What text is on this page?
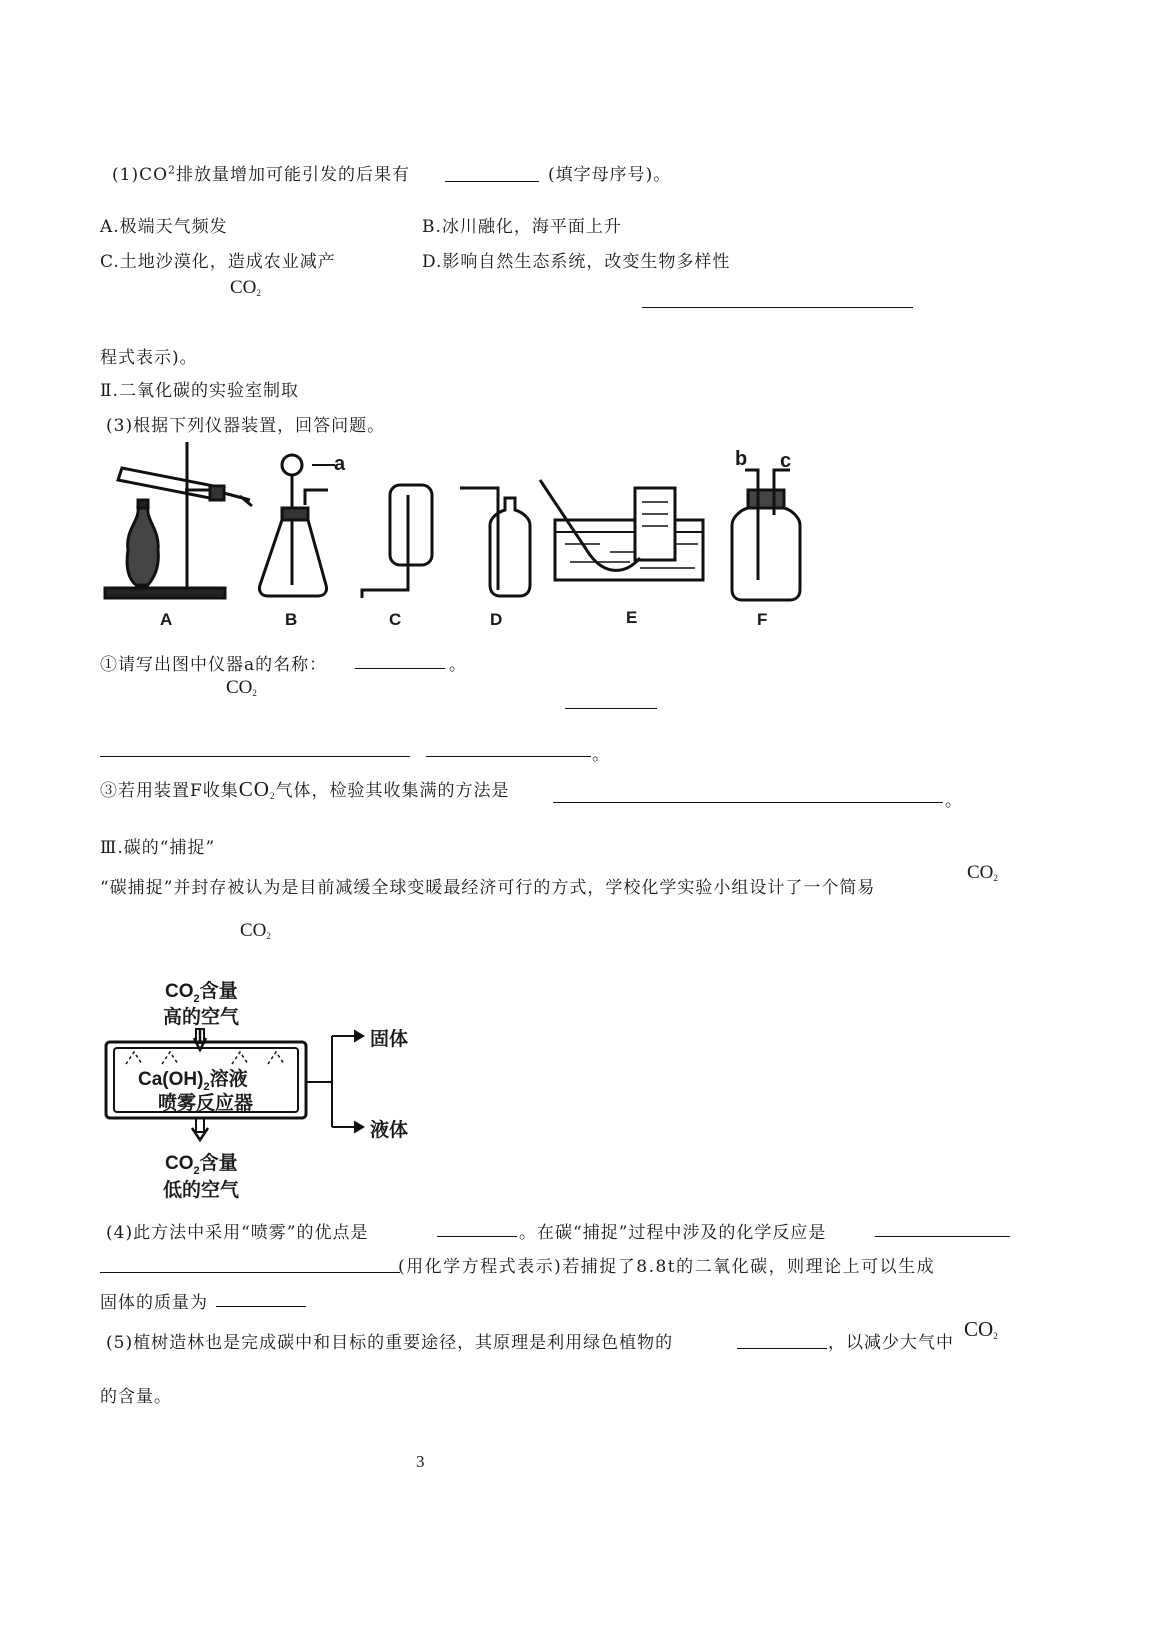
$(1)CO^2$排放量增加可能引发的后果有	(填字母序号)。
A.极端天气频发	B.冰川融化，海平面上升
C.土地沙漠化，造成农业减产	D.影响自然生态系统，改变生物多样性
$CO_2$
程式表示)。
Ⅱ.二氧化碳的实验室制取
(3)根据下列仪器装置，回答问题。
a	b c
A	B	C	D	E	F
①请写出图中仪器a的名称：	。
$CO_2$
。
③若用装置F收集$CO_2$气体，检验其收集满的方法是	。
Ⅲ.碳的“捕捉”
“碳捕捉”并封存被认为是目前减缓全球变暖最经济可行的方式，学校化学实验小组设计了一个简易
$CO_2$
$CO_2$
$CO_2$含量
高的空气
$Ca(OH)_2$溶液
喷雾反应器
固体
液体
$CO_2$含量
低的空气
(4)此方法中采用“喷雾”的优点是	。在碳“捕捉”过程中涉及的化学反应是
(用化学方程式表示)若捕捉了8.8t的二氧化碳，则理论上可以生成
固体的质量为
(5)植树造林也是完成碳中和目标的重要途径，其原理是利用绿色植物的	，以减少大气中
$CO_2$
的含量。
3
